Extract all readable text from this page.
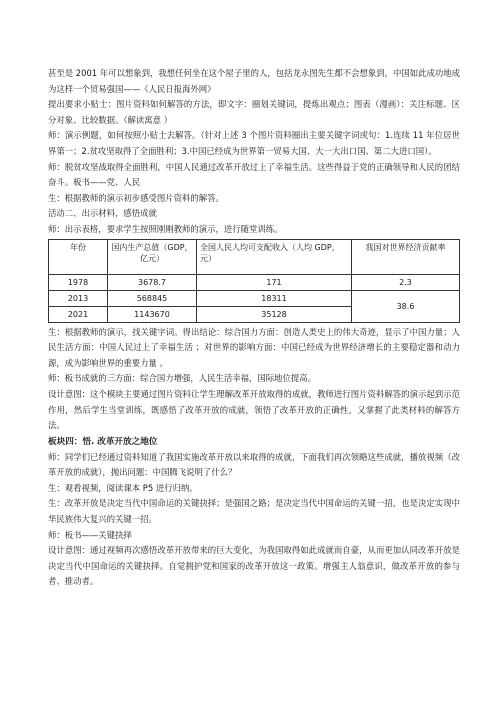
甚至是 2001 年可以想象到，我想任何坐在这个屋子里的人，包括龙永图先生都不会想象到，中国如此成功地成为这样一个贸易强国——《人民日报海外网》

提出要求小贴士：图片资料如何解答的方法，即文字：圈划关键词，提炼出观点；图表（漫画）：关注标题、区分对象、比较数据。（解读寓意 ）

师：演示例题，如何按照小贴士去解答。（针对上述 3 个图片资料圈出主要关键字词或句：1.连续 11 年位居世界第一；2.贫攻坚取得了全面胜利；3.中国已经成为世界第一贸易大国、大一大出口国、第二大进口国）。

师：脱贫攻坚战取得全面胜利，中国人民通过改革开放过上了幸福生活。这些得益于党的正确领导和人民的团结奋斗。板书——党、人民

生：根据教师的演示初步感受图片资料的解答。

活动二、出示材料，感悟成就

师：出示表格，要求学生按照刚刚教师的演示，进行随堂训练。

年份	国内生产总值（GDP，亿元）	全国人民人均可支配收入（人均 GDP，元）	我国对世界经济贡献率
1978	3678.7	171	2.3
2013	568845	18311	38.6
2021	1143670	35128	

生：根据教师的演示，找关键字词。得出结论：综合国力方面：创造人类史上的伟大奇迹，显示了中国力量；人民生活方面：中国人民过上了幸福生活 ；对世界的影响方面：中国已经成为世界经济增长的主要稳定器和动力源，成为影响世界的重要力量 。

师：板书成就的三方面：综合国力增强，人民生活幸福，国际地位提高。

设计意图：这个模块主要通过图片资料让学生理解改革开放取得的成就，教师进行图片资料解答的演示起到示范作用，然后学生当堂训练，既感悟了改革开放的成就，领悟了改革开放的正确性，又掌握了此类材料的解答方法。

板块四：悟. 改革开放之地位

师：同学们已经通过资料知道了我国实施改革开放以来取得的成就，下面我们再次领略这些成就，播放视频（改革开放的成就），抛出问题：中国腾飞说明了什么？

生：观看视频，阅读课本 P5 进行归纳。

生：改革开放是决定当代中国命运的关键抉择；是强国之路；是决定当代中国命运的关键一招，也是决定实现中华民族伟大复兴的关键一招。

师：板书——关键抉择

设计意图：通过视频再次感悟改革开放带来的巨大变化，为我国取得如此成就而自豪，从而更加认同改革开放是决定当代中国命运的关键抉择。自觉拥护党和国家的改革开放这一政策。增强主人翁意识，做改革开放的参与者、推动者。
